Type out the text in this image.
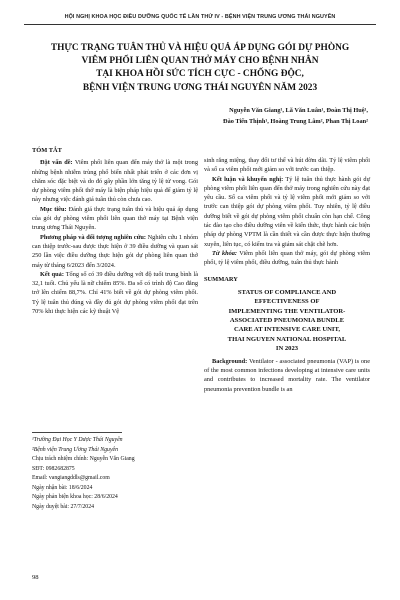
HỘI NGHỊ KHOA HỌC ĐIỀU DƯỠNG QUỐC TẾ LẦN THỨ IV - BỆNH VIỆN TRUNG ƯƠNG THÁI NGUYÊN
THỰC TRẠNG TUÂN THỦ VÀ HIỆU QUẢ ÁP DỤNG GÓI DỰ PHÒNG
VIÊM PHỔI LIÊN QUAN THỞ MÁY CHO BỆNH NHÂN
TẠI KHOA HỒI SỨC TÍCH CỰC - CHỐNG ĐỘC,
BỆNH VIỆN TRUNG ƯƠNG THÁI NGUYÊN NĂM 2023
Nguyễn Văn Giang¹, Lã Văn Luân¹, Đoàn Thị Huệ¹,
Đào Tiến Thịnh¹, Hoàng Trung Lâm², Phan Thị Loan²
TÓM TẮT

Đặt vấn đề: Viêm phổi liên quan đến máy thở là một trong những bệnh nhiễm trùng phổ biến nhất phát triển ở các đơn vị chăm sóc đặc biệt và do đó gây phần lớn tăng tỷ lệ tử vong. Gói dự phòng viêm phổi thở máy là biện pháp hiệu quả để giảm tỷ lệ này nhưng việc đánh giá tuân thủ còn chưa cao.

Mục tiêu: Đánh giá thực trạng tuân thủ và hiệu quả áp dụng của gói dự phòng viêm phổi liên quan thở máy tại Bệnh viện trung ương Thái Nguyên.

Phương pháp và đối tượng nghiên cứu: Nghiên cứu 1 nhóm can thiệp trước-sau được thực hiện ở 39 điều dưỡng và quan sát 250 lần việc điều dưỡng thực hiện gói dự phòng liên quan thở máy từ tháng 6/2023 đến 3/2024.

Kết quả: Tổng số có 39 điều dưỡng với độ tuổi trung bình là 32,1 tuổi. Chủ yếu là nữ chiếm 85%. Đa số có trình độ Cao đẳng trở lên chiếm 88,7%. Chỉ 41% biết về gói dự phòng viêm phổi. Tỷ lệ tuân thủ đúng và đầy đủ gói dự phòng viêm phổi đạt trên 70% khi thực hiện các kỹ thuật Vệ

¹Trường Đại Học Y Dược Thái Nguyên
²Bệnh viện Trung Ương Thái Nguyên
Chịu trách nhiệm chính: Nguyễn Văn Giang
SĐT: 0982682875
Email: vangiangddls@gmail.com
Ngày nhận bài: 18/6/2024
Ngày phản biện khoa học: 28/6/2024
Ngày duyệt bài: 27/7/2024

sinh răng miệng, thay đổi tư thế và hút đờm dãi. Tỷ lệ viêm phổi và số ca viêm phổi mới giảm so với trước can thiệp.

Kết luận và khuyến nghị: Tỷ lệ tuân thủ thực hành gói dự phòng viêm phổi liên quan đến thở máy trong nghiên cứu này đạt yêu cầu. Số ca viêm phổi và tỷ lệ viêm phổi mới giảm so với trước can thiệp gói dự phòng viêm phổi. Tuy nhiên, tỷ lệ điều dưỡng biết về gói dự phòng viêm phổi chuẩn còn hạn chế. Công tác đào tạo cho điều dưỡng viên về kiến thức, thực hành các biện pháp dự phòng VPTM là cần thiết và cần được thực hiện thường xuyên, liên tục, có kiểm tra và giám sát chặt chẽ hơn.

Từ khóa: Viêm phổi liên quan thở máy, gói dự phòng viêm phổi, tỷ lệ viêm phổi, điều dưỡng, tuân thủ thực hành

SUMMARY
STATUS OF COMPLIANCE AND
EFFECTIVENESS OF
IMPLEMENTING THE VENTILATOR-
ASSOCIATED PNEUMONIA BUNDLE
CARE AT INTENSIVE CARE UNIT,
THAI NGUYEN NATIONAL HOSPITAL
IN 2023

Background: Ventilator - associated pneumonia (VAP) is one of the most common infections developing at intensive care units and contributes to increased mortality rate. The ventilator pneumonia prevention bundle is an

98
